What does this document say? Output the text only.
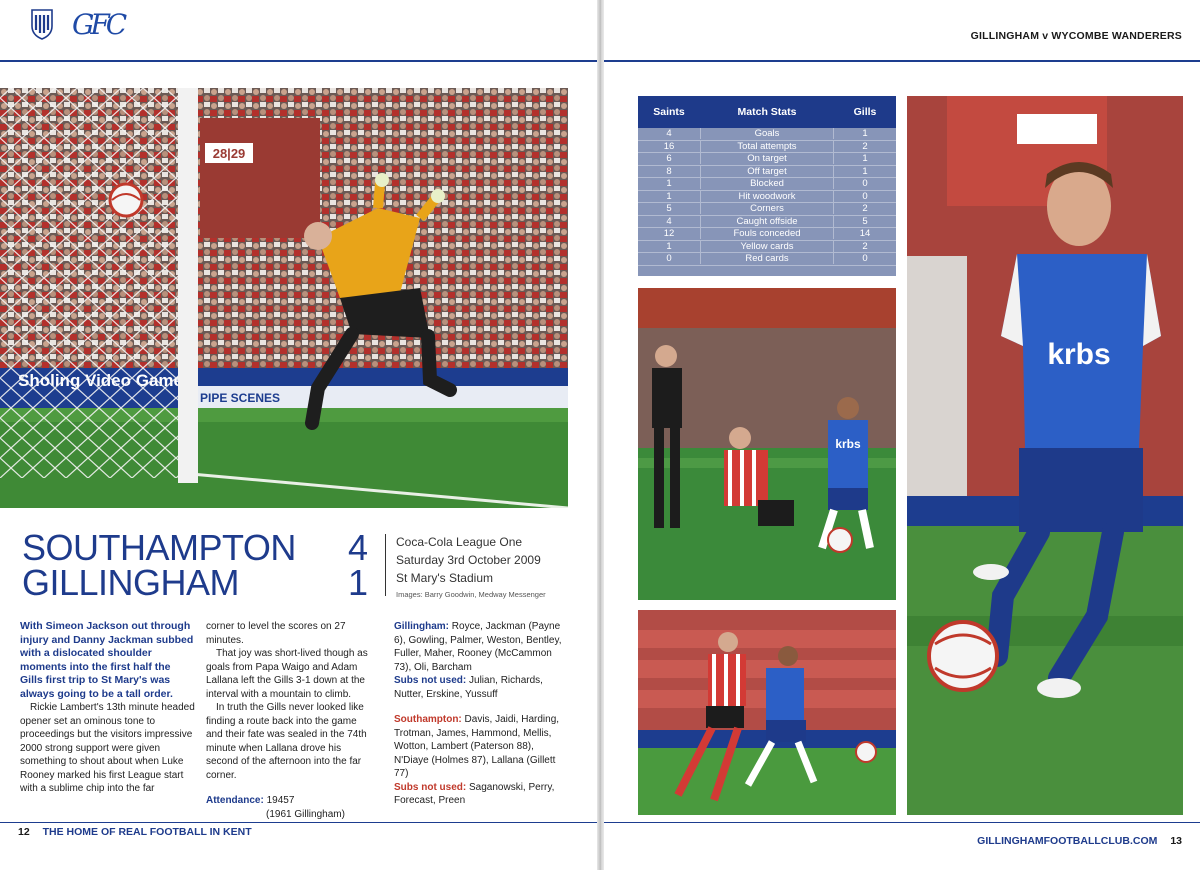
GFC
28|29
PIPE SCENES
SOUTHAMPTON
GILLINGHAM
4
1
Coca-Cola League One
Saturday 3rd October 2009
St Mary's Stadium
Images: Barry Goodwin, Medway Messenger

With Simeon Jackson out through injury and Danny Jackman subbed with a dislocated shoulder moments into the first half the Gills first trip to St Mary's was always going to be a tall order.

Rickie Lambert's 13th minute headed opener set an ominous tone to proceedings but the visitors impressive 2000 strong support were given something to shout about when Luke Rooney marked his first League start with a sublime chip into the far

corner to level the scores on 27 minutes.

That joy was short-lived though as goals from Papa Waigo and Adam Lallana left the Gills 3-1 down at the interval with a mountain to climb.

In truth the Gills never looked like finding a route back into the game and their fate was sealed in the 74th minute when Lallana drove his second of the afternoon into the far corner.

Attendance: 19457

(1961 Gillingham)

Gillingham: Royce, Jackman (Payne 6), Gowling, Palmer, Weston, Bentley, Fuller, Maher, Rooney (McCammon 73), Oli, Barcham

Subs not used: Julian, Richards, Nutter, Erskine, Yussuff

Southampton: Davis, Jaidi, Harding, Trotman, James, Hammond, Mellis, Wotton, Lambert (Paterson 88), N'Diaye (Holmes 87), Lallana (Gillett 77)

Subs not used: Saganowski, Perry, Forecast, Preen

12 THE HOME OF REAL FOOTBALL IN KENT
GILLINGHAM v WYCOMBE WANDERERS
Saints	Match Stats	Gills
4	Goals	1
16	Total attempts	2
6	On target	1
8	Off target	1
1	Blocked	0
1	Hit woodwork	0
5	Corners	2
4	Caught offside	5
12	Fouls conceded	14
1	Yellow cards	2
0	Red cards	0
krbs
krbs
GILLINGHAMFOOTBALLCLUB.COM 13
